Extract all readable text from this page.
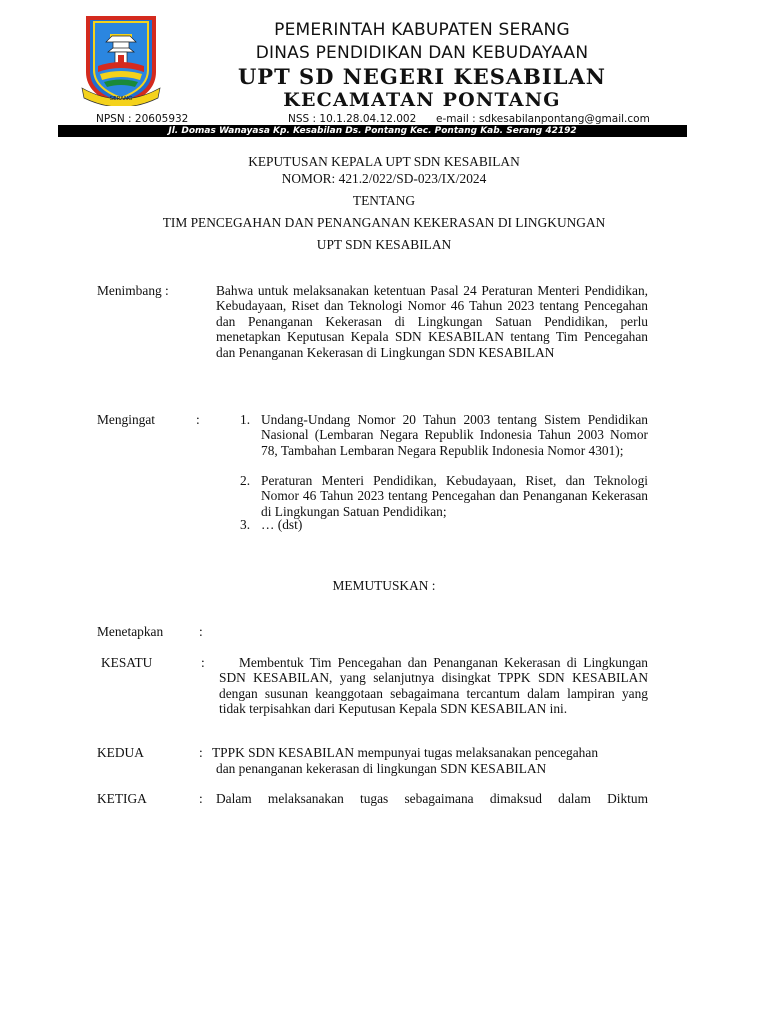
SERANG
PEMERINTAH KABUPATEN SERANG
DINAS PENDIDIKAN DAN KEBUDAYAAN
UPT SD NEGERI KESABILAN
KECAMATAN PONTANG
NPSN : 20605932	NSS : 10.1.28.04.12.002 e-mail : sdkesabilanpontang@gmail.com
Jl. Domas Wanayasa Kp. Kesabilan Ds. Pontang Kec. Pontang Kab. Serang 42192
KEPUTUSAN KEPALA UPT SDN KESABILAN
NOMOR: 421.2/022/SD-023/IX/2024
TENTANG
TIM PENCEGAHAN DAN PENANGANAN KEKERASAN DI LINGKUNGAN
UPT SDN KESABILAN
Menimbang :	Bahwa untuk melaksanakan ketentuan Pasal 24 Peraturan Menteri Pendidikan, Kebudayaan, Riset dan Teknologi Nomor 46 Tahun 2023 tentang Pencegahan dan Penanganan Kekerasan di Lingkungan Satuan Pendidikan, perlu menetapkan Keputusan Kepala SDN KESABILAN tentang Tim Pencegahan dan Penanganan Kekerasan di Lingkungan SDN KESABILAN
Mengingat	:	1. Undang-Undang Nomor 20 Tahun 2003 tentang Sistem Pendidikan Nasional (Lembaran Negara Republik Indonesia Tahun 2003 Nomor 78, Tambahan Lembaran Negara Republik Indonesia Nomor 4301);
2. Peraturan Menteri Pendidikan, Kebudayaan, Riset, dan Teknologi Nomor 46 Tahun 2023 tentang Pencegahan dan Penanganan Kekerasan di Lingkungan Satuan Pendidikan;
3. … (dst)
MEMUTUSKAN :
Menetapkan	:
KESATU	:	Membentuk Tim Pencegahan dan Penanganan Kekerasan di Lingkungan SDN KESABILAN, yang selanjutnya disingkat TPPK SDN KESABILAN dengan susunan keanggotaan sebagaimana tercantum dalam lampiran yang tidak terpisahkan dari Keputusan Kepala SDN KESABILAN ini.
KEDUA	: TPPK SDN KESABILAN mempunyai tugas melaksanakan pencegahan
dan penanganan kekerasan di lingkungan SDN KESABILAN
KETIGA	: Dalam melaksanakan tugas sebagaimana dimaksud dalam Diktum
